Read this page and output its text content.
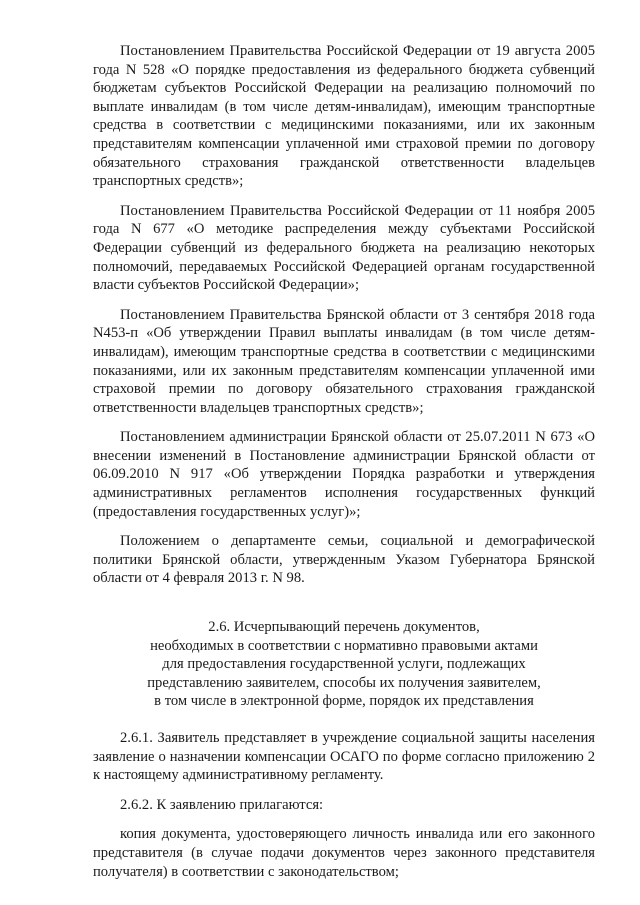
Постановлением Правительства Российской Федерации от 19 августа 2005 года N 528 «О порядке предоставления из федерального бюджета субвенций бюджетам субъектов Российской Федерации на реализацию полномочий по выплате инвалидам (в том числе детям-инвалидам), имеющим транспортные средства в соответствии с медицинскими показаниями, или их законным представителям компенсации уплаченной ими страховой премии по договору обязательного страхования гражданской ответственности владельцев транспортных средств»;

Постановлением Правительства Российской Федерации от 11 ноября 2005 года N 677 «О методике распределения между субъектами Российской Федерации субвенций из федерального бюджета на реализацию некоторых полномочий, передаваемых Российской Федерацией органам государственной власти субъектов Российской Федерации»;

Постановлением Правительства Брянской области от 3 сентября 2018 года N453-п «Об утверждении Правил выплаты инвалидам (в том числе детям-инвалидам), имеющим транспортные средства в соответствии с медицинскими показаниями, или их законным представителям компенсации уплаченной ими страховой премии по договору обязательного страхования гражданской ответственности владельцев транспортных средств»;

Постановлением администрации Брянской области от 25.07.2011 N 673 «О внесении изменений в Постановление администрации Брянской области от 06.09.2010 N 917 «Об утверждении Порядка разработки и утверждения административных регламентов исполнения государственных функций (предоставления государственных услуг)»;

Положением о департаменте семьи, социальной и демографической политики Брянской области, утвержденным Указом Губернатора Брянской области от 4 февраля 2013 г. N 98.

2.6. Исчерпывающий перечень документов,
необходимых в соответствии с нормативно правовыми актами
для предоставления государственной услуги, подлежащих
представлению заявителем, способы их получения заявителем,
в том числе в электронной форме, порядок их представления

2.6.1. Заявитель представляет в учреждение социальной защиты населения заявление о назначении компенсации ОСАГО по форме согласно приложению 2 к настоящему административному регламенту.

2.6.2. К заявлению прилагаются:

копия документа, удостоверяющего личность инвалида или его законного представителя (в случае подачи документов через законного представителя получателя) в соответствии с законодательством;
